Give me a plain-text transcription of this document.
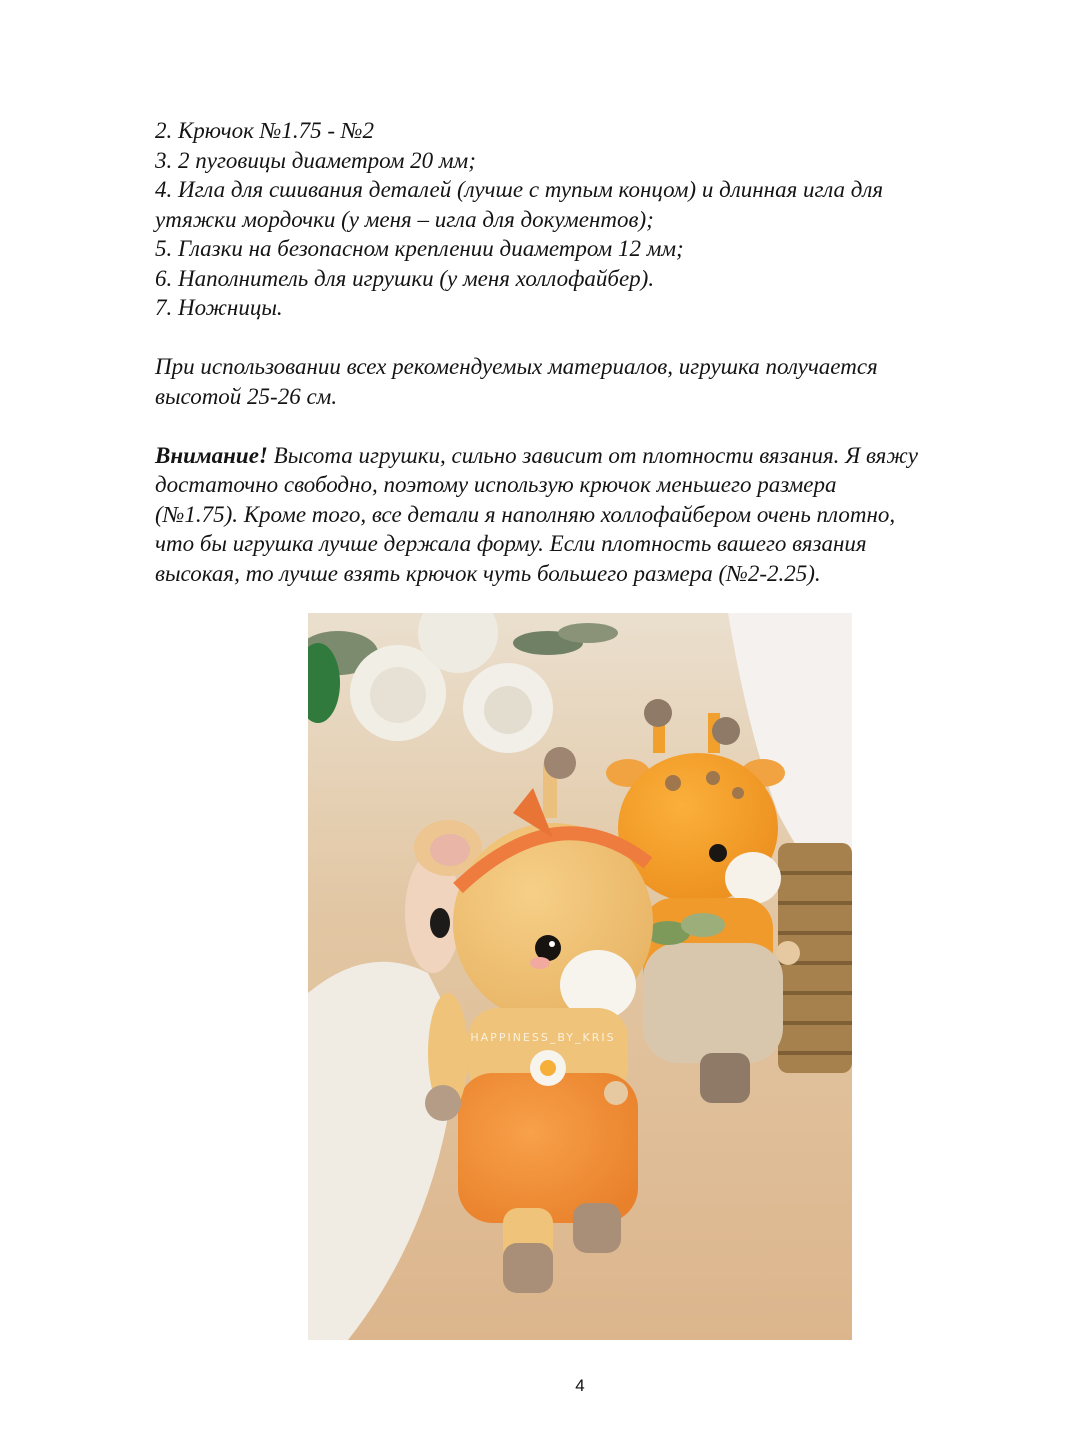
2. Крючок №1.75 - №2
3. 2 пуговицы диаметром 20 мм;
4. Игла для сшивания деталей (лучше с тупым концом) и длинная игла для
утяжки мордочки (у меня – игла для документов);
5. Глазки на безопасном креплении диаметром 12 мм;
6. Наполнитель для игрушки (у меня холлофайбер).
7. Ножницы.

При использовании всех рекомендуемых материалов, игрушка получается
высотой 25-26 см.

Внимание! Высота игрушки, сильно зависит от плотности вязания. Я вяжу
достаточно свободно, поэтому использую крючок меньшего размера
(№1.75). Кроме того, все детали я наполняю холлофайбером очень плотно,
что бы игрушка лучше держала форму. Если плотность вашего вязания
высокая, то лучше взять крючок чуть большего размера (№2-2.25).

HAPPINESS_BY_KRIS
4
